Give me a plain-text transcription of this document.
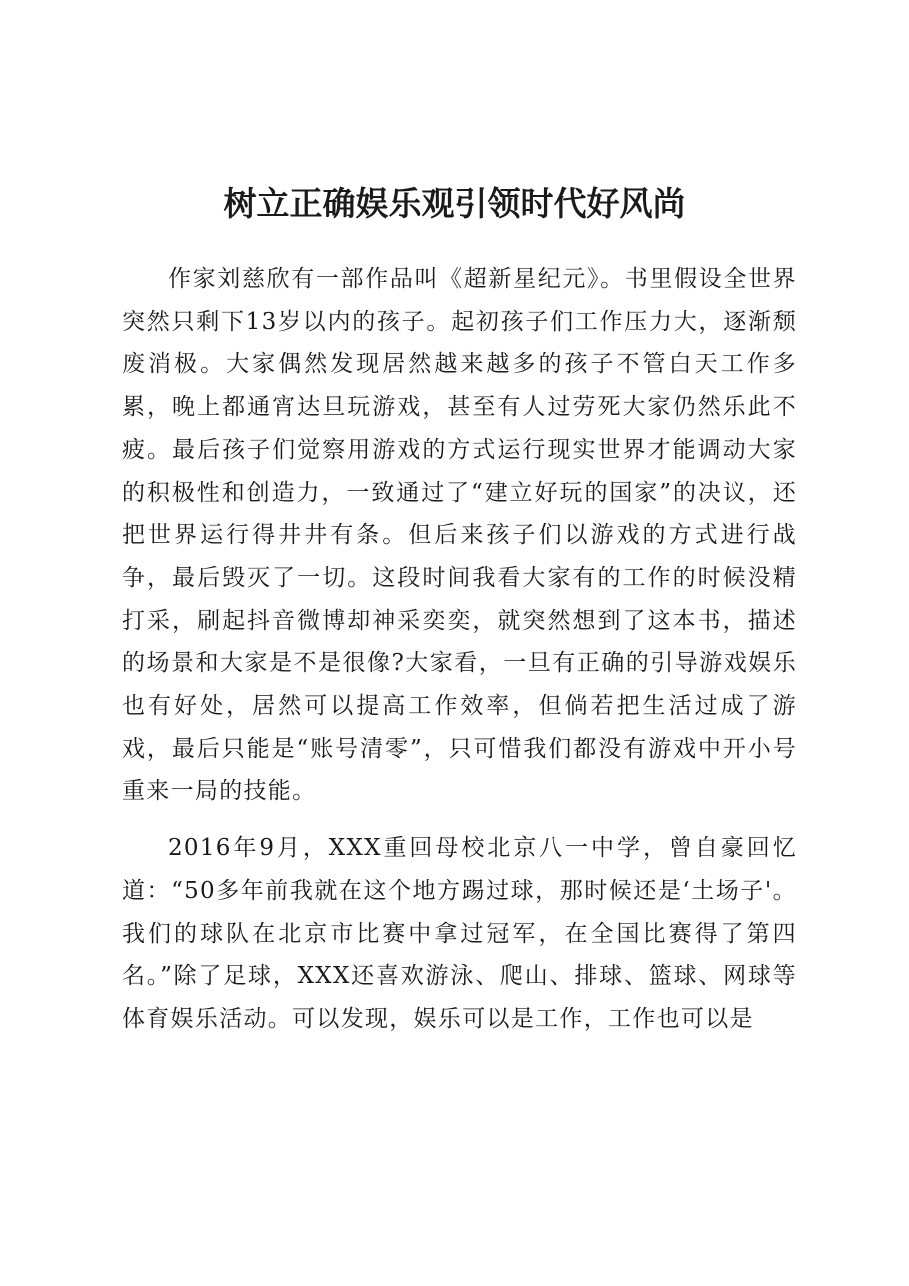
树立正确娱乐观引领时代好风尚

作家刘慈欣有一部作品叫《超新星纪元》。书里假设全世界突然只剩下13岁以内的孩子。起初孩子们工作压力大，逐渐颓废消极。大家偶然发现居然越来越多的孩子不管白天工作多累，晚上都通宵达旦玩游戏，甚至有人过劳死大家仍然乐此不疲。最后孩子们觉察用游戏的方式运行现实世界才能调动大家的积极性和创造力，一致通过了“建立好玩的国家”的决议，还把世界运行得井井有条。但后来孩子们以游戏的方式进行战争，最后毁灭了一切。这段时间我看大家有的工作的时候没精打采，刷起抖音微博却神采奕奕，就突然想到了这本书，描述的场景和大家是不是很像?大家看，一旦有正确的引导游戏娱乐也有好处，居然可以提高工作效率，但倘若把生活过成了游戏，最后只能是“账号清零”，只可惜我们都没有游戏中开小号重来一局的技能。

2016年9月，XXX重回母校北京八一中学，曾自豪回忆道：“50多年前我就在这个地方踢过球，那时候还是‘土场子'。我们的球队在北京市比赛中拿过冠军，在全国比赛得了第四名。”除了足球，XXX还喜欢游泳、爬山、排球、篮球、网球等体育娱乐活动。可以发现，娱乐可以是工作，工作也可以是
